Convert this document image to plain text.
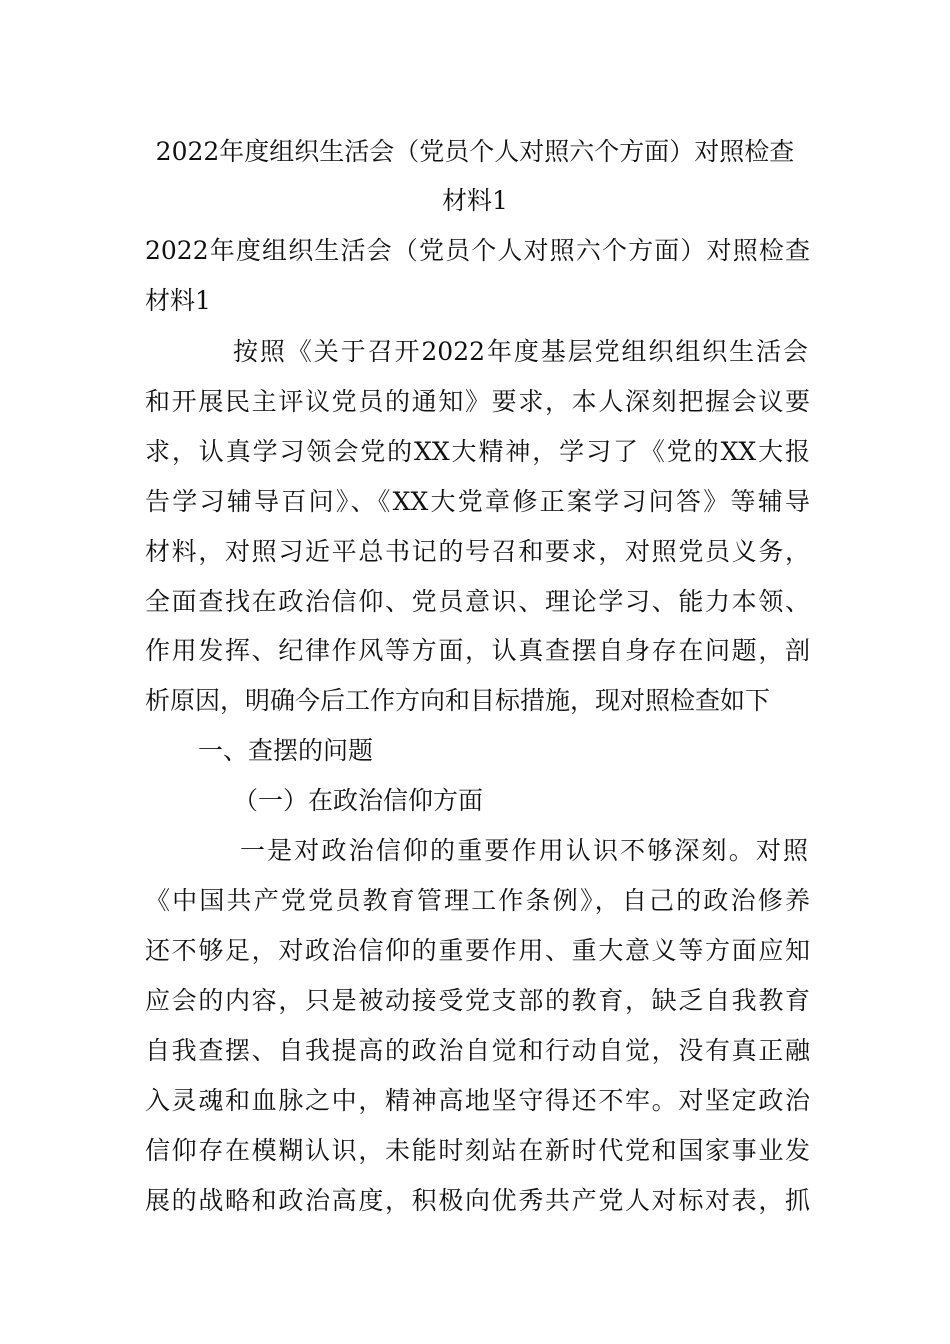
2022年度组织生活会（党员个人对照六个方面）对照检查
材料1
2022年度组织生活会（党员个人对照六个方面）对照检查
材料1
按照《关于召开2022年度基层党组织组织生活会
和开展民主评议党员的通知》要求，本人深刻把握会议要
求，认真学习领会党的XX大精神，学习了《党的XX大报
告学习辅导百问》、《XX大党章修正案学习问答》等辅导
材料，对照习近平总书记的号召和要求，对照党员义务，
全面查找在政治信仰、党员意识、理论学习、能力本领、
作用发挥、纪律作风等方面，认真查摆自身存在问题，剖
析原因，明确今后工作方向和目标措施，现对照检查如下
一、查摆的问题
（一）在政治信仰方面
一是对政治信仰的重要作用认识不够深刻。对照
《中国共产党党员教育管理工作条例》，自己的政治修养
还不够足，对政治信仰的重要作用、重大意义等方面应知
应会的内容，只是被动接受党支部的教育，缺乏自我教育
自我查摆、自我提高的政治自觉和行动自觉，没有真正融
入灵魂和血脉之中，精神高地坚守得还不牢。对坚定政治
信仰存在模糊认识，未能时刻站在新时代党和国家事业发
展的战略和政治高度，积极向优秀共产党人对标对表，抓
